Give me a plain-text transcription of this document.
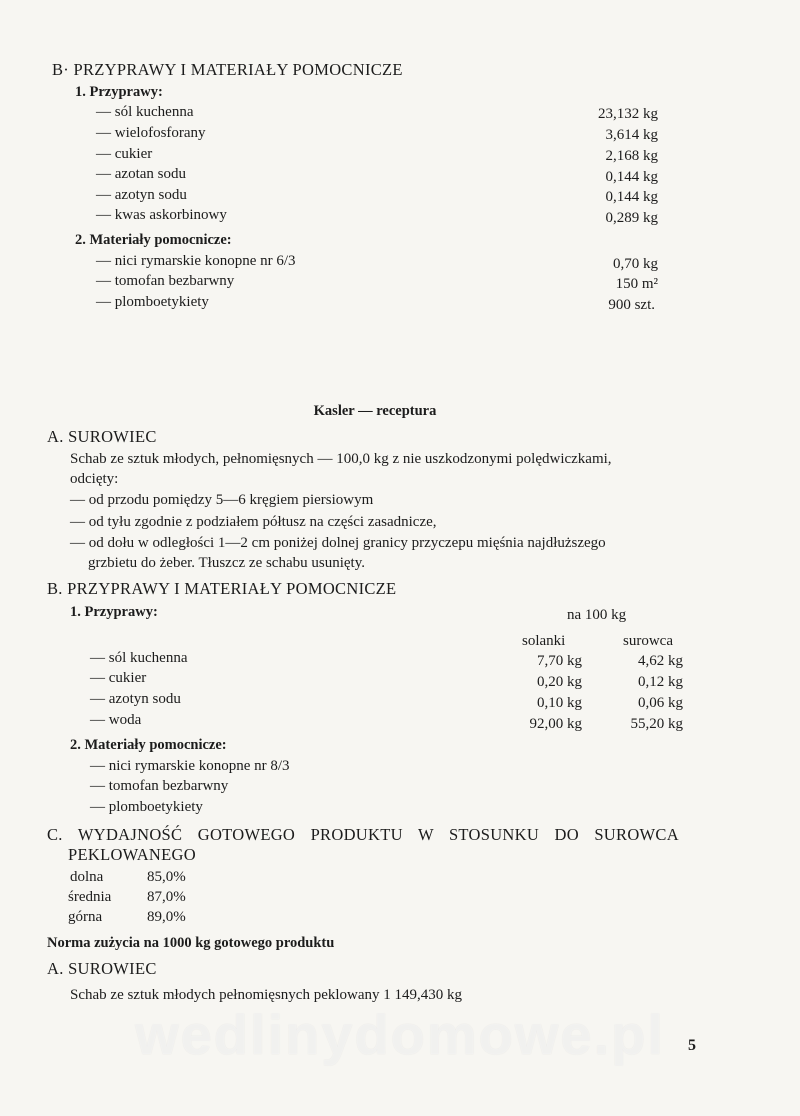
B· PRZYPRAWY I MATERIAŁY POMOCNICZE
1. Przyprawy:
— sól kuchenna	23,132 kg
— wielofosforany	3,614 kg
— cukier	2,168 kg
— azotan sodu	0,144 kg
— azotyn sodu	0,144 kg
— kwas askorbinowy	0,289 kg
2. Materiały pomocnicze:
— nici rymarskie konopne nr 6/3	0,70 kg
— tomofan bezbarwny	150 m²
— plomboetykiety	900 szt.
Kasler — receptura
A. SUROWIEC
Schab ze sztuk młodych, pełnomięsnych — 100,0 kg z nie uszkodzonymi polędwiczkami,
odcięty:
— od przodu pomiędzy 5—6 kręgiem piersiowym
— od tyłu zgodnie z podziałem półtusz na części zasadnicze,
— od dołu w odległości 1—2 cm poniżej dolnej granicy przyczepu mięśnia najdłuższego
grzbietu do żeber. Tłuszcz ze schabu usunięty.
B. PRZYPRAWY I MATERIAŁY POMOCNICZE
1. Przyprawy:	na 100 kg
solanki	surowca
— sól kuchenna	7,70 kg	4,62 kg
— cukier	0,20 kg	0,12 kg
— azotyn sodu	0,10 kg	0,06 kg
— woda	92,00 kg	55,20 kg
2. Materiały pomocnicze:
— nici rymarskie konopne nr 8/3
— tomofan bezbarwny
— plomboetykiety
C. WYDAJNOŚĆ GOTOWEGO PRODUKTU W STOSUNKU DO SUROWCA
PEKLOWANEGO
dolna	85,0%
średnia 87,0%
górna	89,0%
Norma zużycia na 1000 kg gotowego produktu
A. SUROWIEC
Schab ze sztuk młodych pełnomięsnych peklowany 1 149,430 kg
wedlinydomowe.pl	5
